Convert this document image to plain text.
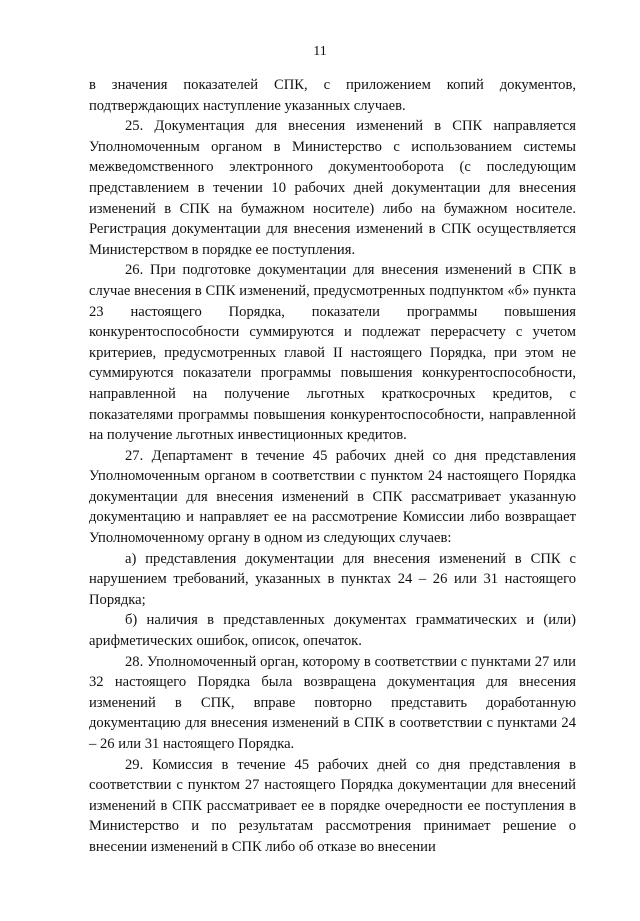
11

в значения показателей СПК, с приложением копий документов, подтверждающих наступление указанных случаев.

25. Документация для внесения изменений в СПК направляется Уполномоченным органом в Министерство с использованием системы межведомственного электронного документооборота (с последующим представлением в течении 10 рабочих дней документации для внесения изменений в СПК на бумажном носителе) либо на бумажном носителе. Регистрация документации для внесения изменений в СПК осуществляется Министерством в порядке ее поступления.

26. При подготовке документации для внесения изменений в СПК в случае внесения в СПК изменений, предусмотренных подпунктом «б» пункта 23 настоящего Порядка, показатели программы повышения конкурентоспособности суммируются и подлежат перерасчету с учетом критериев, предусмотренных главой II настоящего Порядка, при этом не суммируются показатели программы повышения конкурентоспособности, направленной на получение льготных краткосрочных кредитов, с показателями программы повышения конкурентоспособности, направленной на получение льготных инвестиционных кредитов.

27. Департамент в течение 45 рабочих дней со дня представления Уполномоченным органом в соответствии с пунктом 24 настоящего Порядка документации для внесения изменений в СПК рассматривает указанную документацию и направляет ее на рассмотрение Комиссии либо возвращает Уполномоченному органу в одном из следующих случаев:

а) представления документации для внесения изменений в СПК с нарушением требований, указанных в пунктах 24 – 26 или 31 настоящего Порядка;

б) наличия в представленных документах грамматических и (или) арифметических ошибок, описок, опечаток.

28. Уполномоченный орган, которому в соответствии с пунктами 27 или 32 настоящего Порядка была возвращена документация для внесения изменений в СПК, вправе повторно представить доработанную документацию для внесения изменений в СПК в соответствии с пунктами 24 – 26 или 31 настоящего Порядка.

29. Комиссия в течение 45 рабочих дней со дня представления в соответствии с пунктом 27 настоящего Порядка документации для внесений изменений в СПК рассматривает ее в порядке очередности ее поступления в Министерство и по результатам рассмотрения принимает решение о внесении изменений в СПК либо об отказе во внесении
